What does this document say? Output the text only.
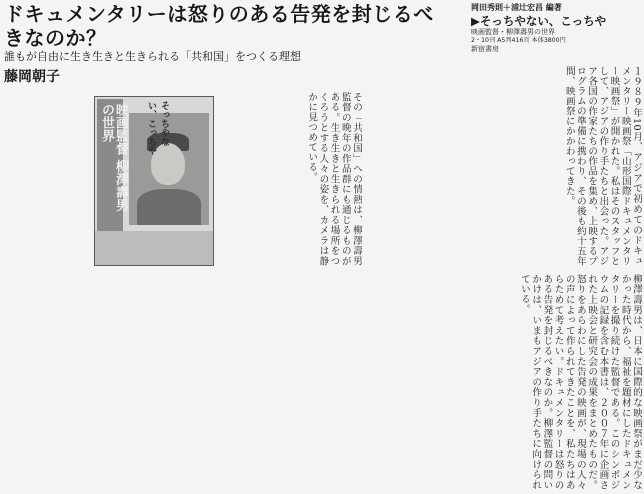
ドキュメンタリーは怒りのある告発を封じるべきなのか？
誰もが自由に生き生きと生きられる「共和国」をつくる理想
藤岡朝子
岡田秀則＋浦辻宏昌 編著
▶そっちやない、こっちや
映画監督・柳澤壽男の世界
2・10刊 A5判416頁 本体3800円
新宿書房
１９８９年10月、アジアで初めてのドキュメンタリー映画祭「山形国際ドキュメンタリー映画祭」が開かれた。私はそのスタッフとして、アジアの作り手たちと出会った。アジア各国の作家たちの作品を集め、上映するプログラムの準備に携わり、その後も約十五年間、映画祭にかかわってきた。
その「共和国」への情熱は、柳澤壽男監督の晩年の作品群にも通じるものがある。生き生きと生きられる場所をつくろうとする人々の姿を、カメラは静かに見つめている。
映画監督 柳澤壽男の世界	そっちやない、こっちや
柳澤壽男は、日本に国際的な映画祭がまだ少なかった時代から、福祉を題材にしたドキュメンタリーを撮り続けた監督である。このシンポジウムの記録を含む本書は、２００７年に企画された上映会と研究会の成果をまとめたものだ。怒りをあらわにした告発の映画が、現場の人々の声によって作られてきたことを、私たちはあらためて考えたい。ドキュメンタリーは怒りのある告発を封じるべきなのか。柳澤監督の問いかけは、いまもアジアの作り手たちに向けられている。
